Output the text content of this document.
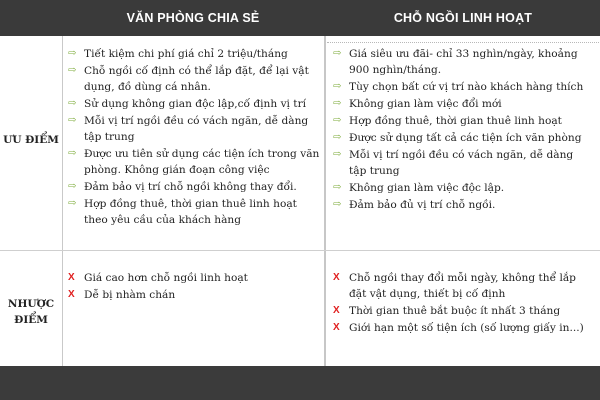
VĂN PHÒNG CHIA SẺ	CHỖ NGỒI LINH HOẠT
ƯU ĐIỂM
NHƯỢC ĐIỂM
⇨ Tiết kiệm chi phí giá chỉ 2 triệu/tháng
⇨ Chỗ ngồi cố định có thể lắp đặt, để lại vật dụng, đồ dùng cá nhân.
⇨ Sử dụng không gian độc lập,cố định vị trí
⇨ Mỗi vị trí ngồi đều có vách ngăn, dễ dàng tập trung
⇨ Được ưu tiên sử dụng các tiện ích trong văn phòng. Không gián đoạn công việc
⇨ Đảm bảo vị trí chỗ ngồi không thay đổi.
⇨ Hợp đồng thuê, thời gian thuê linh hoạt theo yêu cầu của khách hàng
⇨ Giá siêu ưu đãi- chỉ 33 nghìn/ngày, khoảng 900 nghìn/tháng.
⇨ Tùy chọn bất cứ vị trí nào khách hàng thích
⇨ Không gian làm việc đổi mới
⇨ Hợp đồng thuê, thời gian thuê linh hoạt
⇨ Được sử dụng tất cả các tiện ích văn phòng
⇨ Mỗi vị trí ngồi đều có vách ngăn, dễ dàng tập trung
⇨ Không gian làm việc độc lập.
⇨ Đảm bảo đủ vị trí chỗ ngồi.
X Giá cao hơn chỗ ngồi linh hoạt
X Dễ bị nhàm chán
X Chỗ ngồi thay đổi mỗi ngày, không thể lắp đặt vật dụng, thiết bị cố định
X Thời gian thuê bắt buộc ít nhất 3 tháng
X Giới hạn một số tiện ích (số lượng giấy in...)
